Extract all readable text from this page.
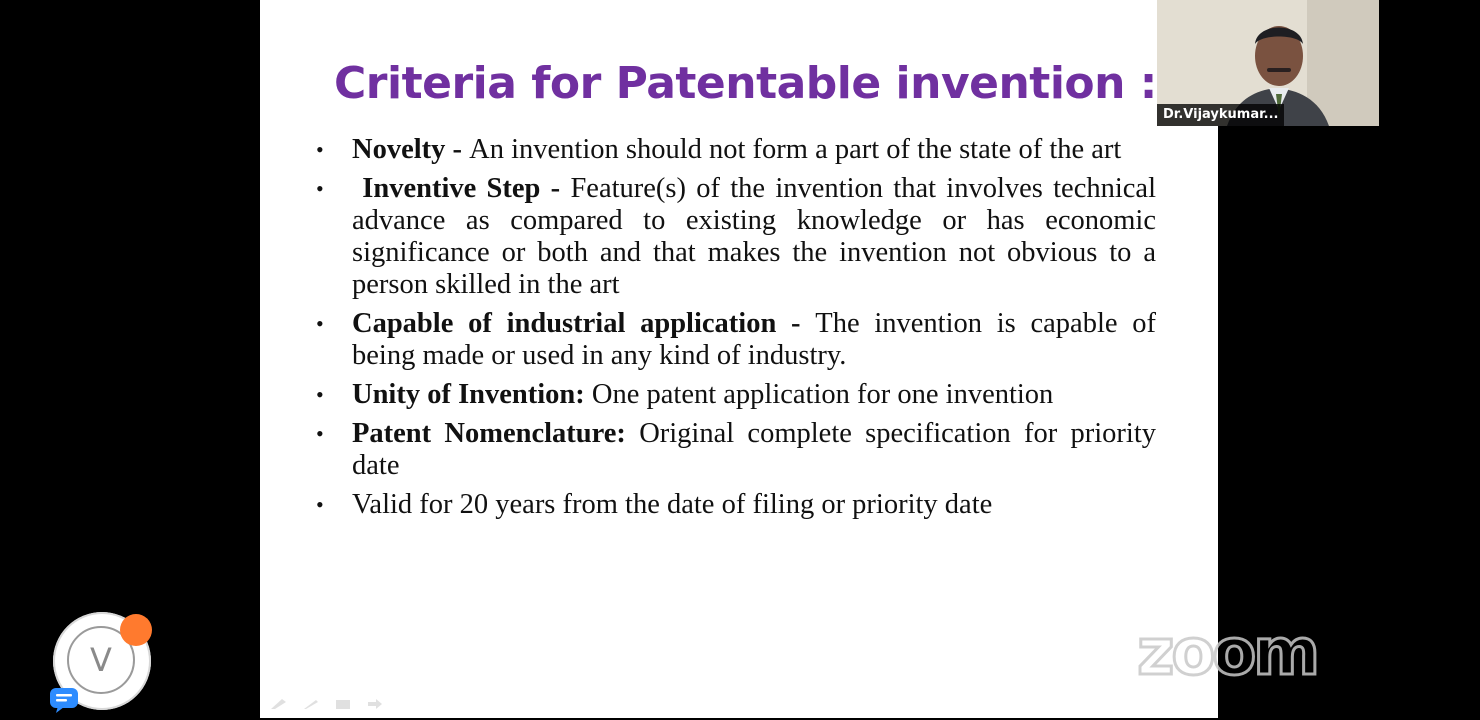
Criteria for Patentable invention :
• Novelty - An invention should not form a part of the state of the art
• Inventive Step - Feature(s) of the invention that involves technical advance as compared to existing knowledge or has economic significance or both and that makes the invention not obvious to a person skilled in the art
• Capable of industrial application - The invention is capable of being made or used in any kind of industry.
• Unity of Invention: One patent application for one invention
• Patent Nomenclature: Original complete specification for priority date
• Valid for 20 years from the date of filing or priority date
Dr.Vijaykumar...
zoom
V
